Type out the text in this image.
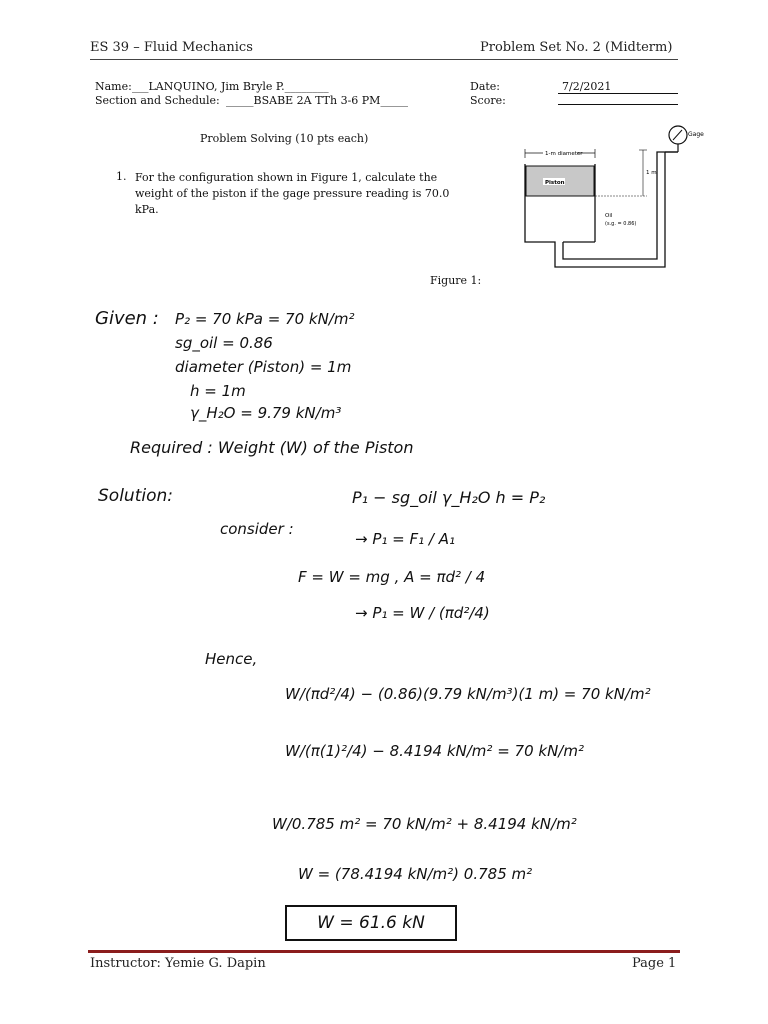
ES 39 – Fluid Mechanics	Problem Set No. 2 (Midterm)
Name: ___LANQUINO, Jim Bryle P.________
Section and Schedule: _____BSABE 2A TTh 3-6 PM_____
Date:	7/2/2021
Score:
Problem Solving (10 pts each)
1. For the configuration shown in Figure 1, calculate the weight of the piston if the gage pressure reading is 70.0 kPa.
Figure 1:
Gage
1-m diameter
Piston
1 m
Oil
(s.g. = 0.86)
Given : P₂ = 70 kPa = 70 kN/m²
sg_oil = 0.86
diameter (Piston) = 1m
h = 1m
γ_H₂O = 9.79 kN/m³
Required : Weight (W) of the Piston
Solution:	P₁ − sg_oil γ_H₂O h = P₂
consider :
→ P₁ = F₁ / A₁
F = W = mg , A = πd² / 4
→ P₁ = W / (πd²/4)
Hence,
W/(πd²/4) − (0.86)(9.79 kN/m³)(1 m) = 70 kN/m²
W/(π(1)²/4) − 8.4194 kN/m² = 70 kN/m²
W/0.785 m² = 70 kN/m² + 8.4194 kN/m²
W = (78.4194 kN/m²) 0.785 m²
W = 61.6 kN
Instructor: Yemie G. Dapin	Page 1
